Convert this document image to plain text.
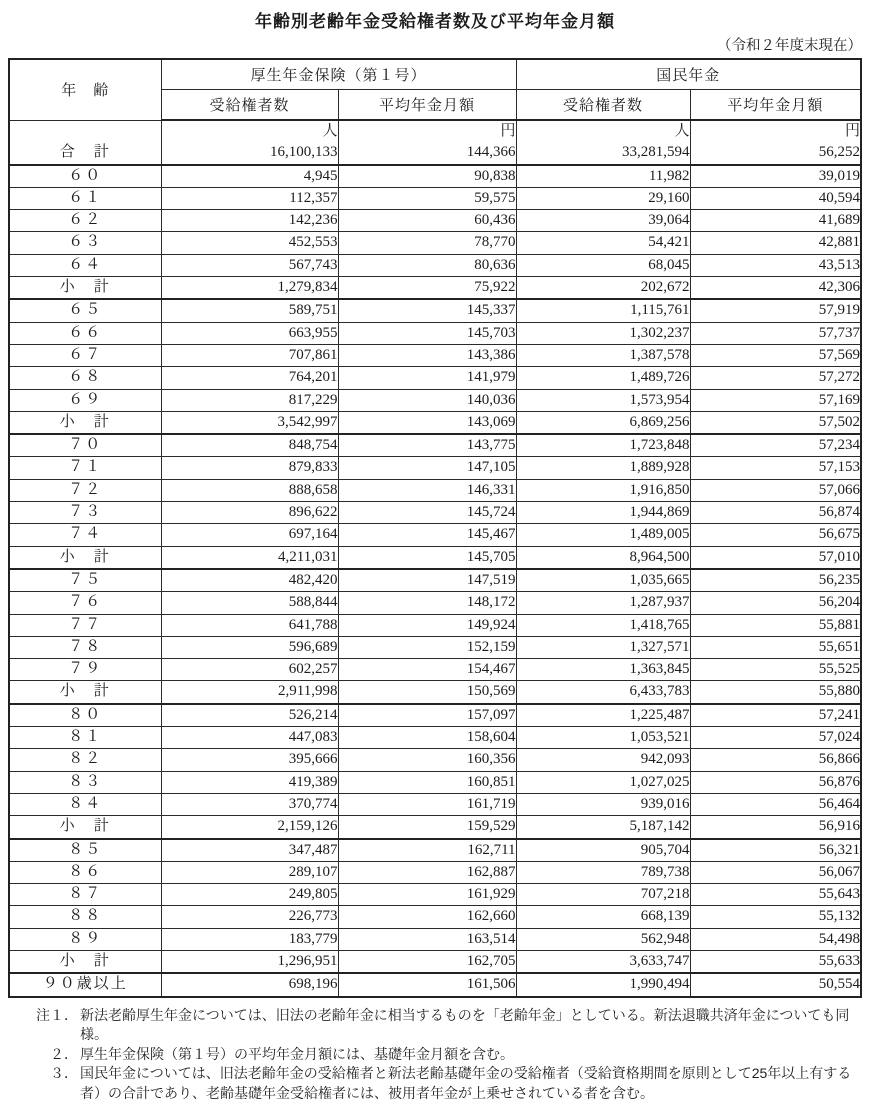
年齢別老齢年金受給権者数及び平均年金月額
（令和２年度末現在）
年　齢	厚生年金保険（第１号）		国民年金	
	受給権者数	平均年金月額	受給権者数	平均年金月額
	人	円	人	円
合　計	16,100,133	144,366	33,281,594	56,252
６０	4,945	90,838	11,982	39,019
６１	112,357	59,575	29,160	40,594
６２	142,236	60,436	39,064	41,689
６３	452,553	78,770	54,421	42,881
６４	567,743	80,636	68,045	43,513
小　計	1,279,834	75,922	202,672	42,306
６５	589,751	145,337	1,115,761	57,919
６６	663,955	145,703	1,302,237	57,737
６７	707,861	143,386	1,387,578	57,569
６８	764,201	141,979	1,489,726	57,272
６９	817,229	140,036	1,573,954	57,169
小　計	3,542,997	143,069	6,869,256	57,502
７０	848,754	143,775	1,723,848	57,234
７１	879,833	147,105	1,889,928	57,153
７２	888,658	146,331	1,916,850	57,066
７３	896,622	145,724	1,944,869	56,874
７４	697,164	145,467	1,489,005	56,675
小　計	4,211,031	145,705	8,964,500	57,010
７５	482,420	147,519	1,035,665	56,235
７６	588,844	148,172	1,287,937	56,204
７７	641,788	149,924	1,418,765	55,881
７８	596,689	152,159	1,327,571	55,651
７９	602,257	154,467	1,363,845	55,525
小　計	2,911,998	150,569	6,433,783	55,880
８０	526,214	157,097	1,225,487	57,241
８１	447,083	158,604	1,053,521	57,024
８２	395,666	160,356	942,093	56,866
８３	419,389	160,851	1,027,025	56,876
８４	370,774	161,719	939,016	56,464
小　計	2,159,126	159,529	5,187,142	56,916
８５	347,487	162,711	905,704	56,321
８６	289,107	162,887	789,738	56,067
８７	249,805	161,929	707,218	55,643
８８	226,773	162,660	668,139	55,132
８９	183,779	163,514	562,948	54,498
小　計	1,296,951	162,705	3,633,747	55,633
９０歳以上	698,196	161,506	1,990,494	50,554
注１． 新法老齢厚生年金については、旧法の老齢年金に相当するものを「老齢年金」としている。新法退職共済年金についても同様。
２． 厚生年金保険（第１号）の平均年金月額には、基礎年金月額を含む。
３． 国民年金については、旧法老齢年金の受給権者と新法老齢基礎年金の受給権者（受給資格期間を原則として25年以上有する者）の合計であり、老齢基礎年金受給権者には、被用者年金が上乗せされている者を含む。
